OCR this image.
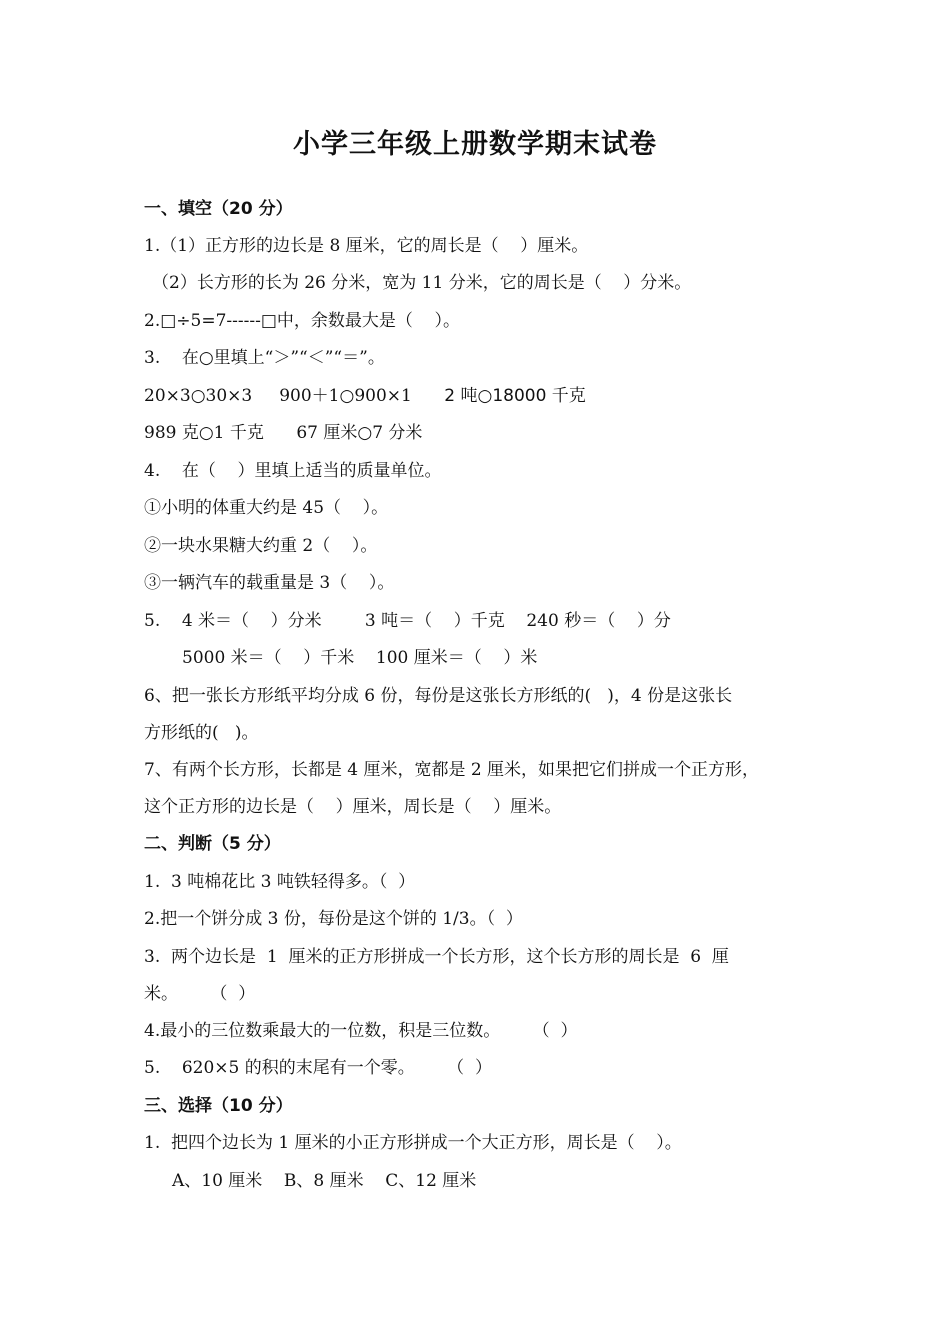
小学三年级上册数学期末试卷
一、填空（20 分）
1.（1）正方形的边长是 8 厘米，它的周长是（    ）厘米。
（2）长方形的长为 26 分米，宽为 11 分米，它的周长是（    ）分米。
2.□÷5=7------□中，余数最大是（    ）。
3.    在○里填上“＞”“＜”“＝”。
20×3○30×3     900＋1○900×1      2 吨○18000 千克
989 克○1 千克      67 厘米○7 分米
4.    在（    ）里填上适当的质量单位。
①小明的体重大约是 45（    ）。
②一块水果糖大约重 2（    ）。
③一辆汽车的载重量是 3（    ）。
5.    4 米＝（    ）分米        3 吨＝（    ）千克    240 秒＝（    ）分
5000 米＝（    ）千米    100 厘米＝（    ）米
6、把一张长方形纸平均分成 6 份，每份是这张长方形纸的(   )，4 份是这张长
方形纸的(   )。
7、有两个长方形，长都是 4 厘米，宽都是 2 厘米，如果把它们拼成一个正方形，
这个正方形的边长是（    ）厘米，周长是（    ）厘米。
二、判断（5 分）
1.  3 吨棉花比 3 吨铁轻得多。（  ）
2.把一个饼分成 3 份，每份是这个饼的 1/3。（  ）
3.  两个边长是  1  厘米的正方形拼成一个长方形，这个长方形的周长是  6  厘
米。      （  ）
4.最小的三位数乘最大的一位数，积是三位数。      （  ）
5.    620×5 的积的末尾有一个零。      （  ）
三、选择（10 分）
1.  把四个边长为 1 厘米的小正方形拼成一个大正方形，周长是（    ）。
A、10 厘米    B、8 厘米    C、12 厘米
